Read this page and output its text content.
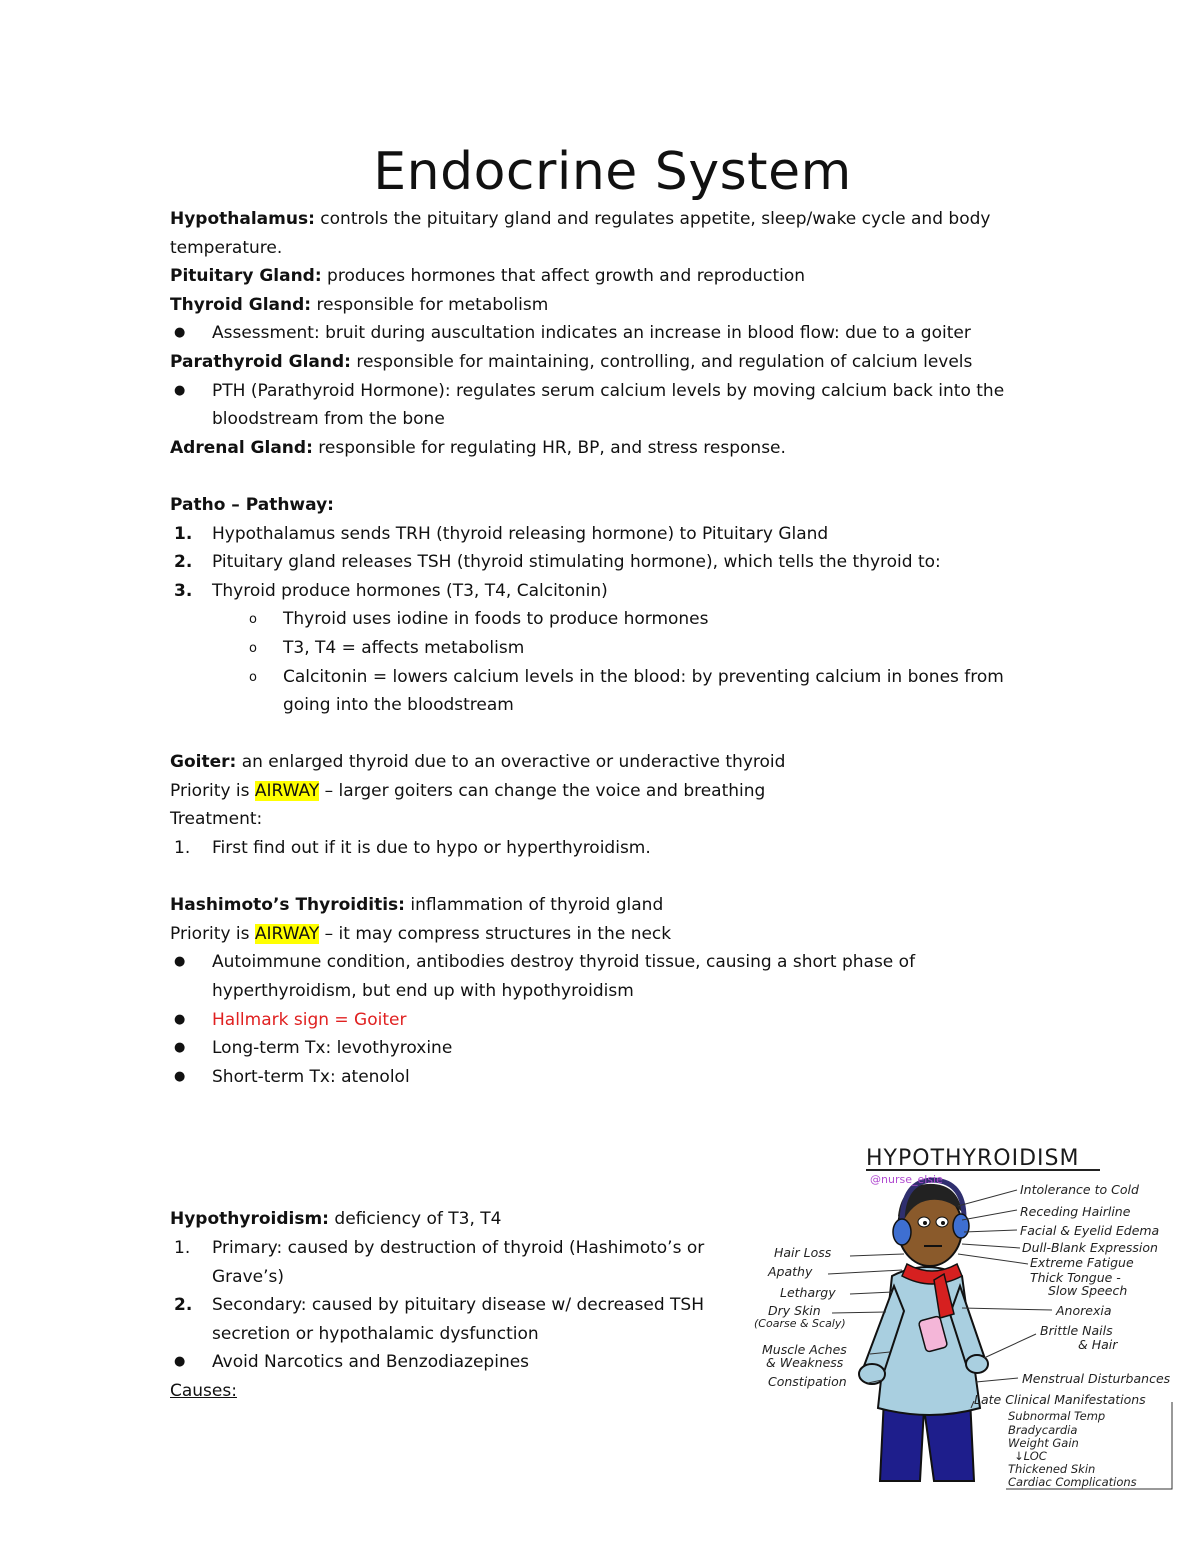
Endocrine System

Hypothalamus: controls the pituitary gland and regulates appetite, sleep/wake cycle and body

temperature.

Pituitary Gland: produces hormones that affect growth and reproduction

Thyroid Gland: responsible for metabolism

● Assessment: bruit during auscultation indicates an increase in blood flow: due to a goiter

Parathyroid Gland: responsible for maintaining, controlling, and regulation of calcium levels

● PTH (Parathyroid Hormone): regulates serum calcium levels by moving calcium back into the

bloodstream from the bone

Adrenal Gland: responsible for regulating HR, BP, and stress response.

Patho – Pathway:

1. Hypothalamus sends TRH (thyroid releasing hormone) to Pituitary Gland

2. Pituitary gland releases TSH (thyroid stimulating hormone), which tells the thyroid to:

3. Thyroid produce hormones (T3, T4, Calcitonin)

o Thyroid uses iodine in foods to produce hormones

o T3, T4 = affects metabolism

o Calcitonin = lowers calcium levels in the blood: by preventing calcium in bones from

going into the bloodstream

Goiter: an enlarged thyroid due to an overactive or underactive thyroid

Priority is AIRWAY – larger goiters can change the voice and breathing

Treatment:

1. First find out if it is due to hypo or hyperthyroidism.

Hashimoto’s Thyroiditis: inflammation of thyroid gland

Priority is AIRWAY – it may compress structures in the neck

● Autoimmune condition, antibodies destroy thyroid tissue, causing a short phase of

hyperthyroidism, but end up with hypothyroidism

● Hallmark sign = Goiter

● Long-term Tx: levothyroxine

● Short-term Tx: atenolol

Hypothyroidism: deficiency of T3, T4

1. Primary: caused by destruction of thyroid (Hashimoto’s or

Grave’s)

2. Secondary: caused by pituitary disease w/ decreased TSH

secretion or hypothalamic dysfunction

● Avoid Narcotics and Benzodiazepines

Causes:

HYPOTHYROIDISM
@nurse_elsie
Hair Loss
Apathy
Lethargy
Dry Skin
(Coarse & Scaly)
Muscle Aches
& Weakness
Constipation
Intolerance to Cold
Receding Hairline
Facial & Eyelid Edema
Dull-Blank Expression
Extreme Fatigue
Thick Tongue -
Slow Speech
Anorexia
Brittle Nails
& Hair
Menstrual Disturbances
Late Clinical Manifestations
Subnormal Temp
Bradycardia
Weight Gain
↓LOC
Thickened Skin
Cardiac Complications
